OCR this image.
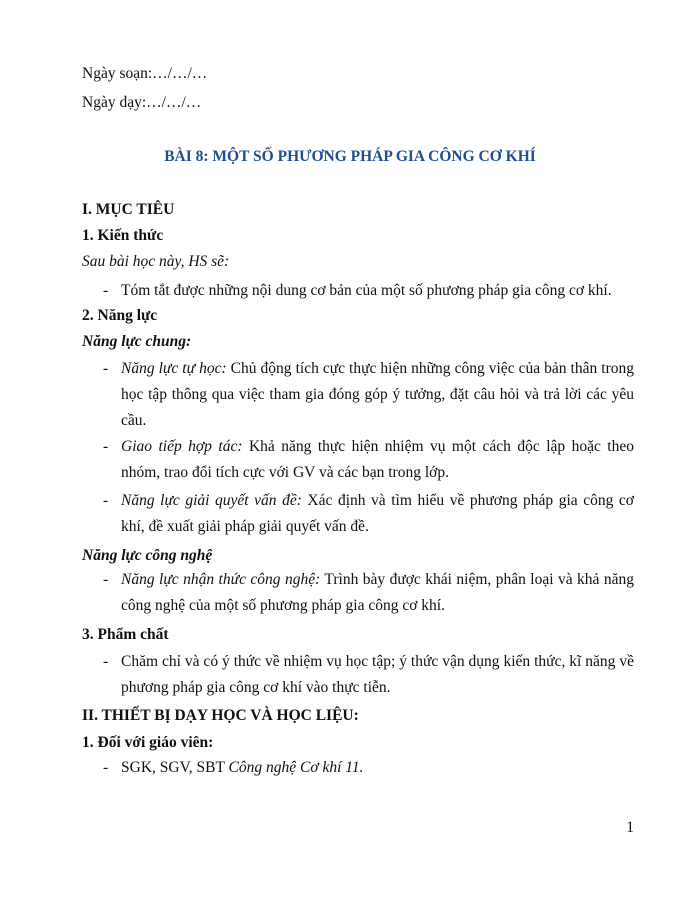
Ngày soạn:…/…/…
Ngày dạy:…/…/…
BÀI 8: MỘT SỐ PHƯƠNG PHÁP GIA CÔNG CƠ KHÍ
I. MỤC TIÊU
1. Kiến thức
Sau bài học này, HS sẽ:
- Tóm tắt được những nội dung cơ bản của một số phương pháp gia công cơ khí.
2. Năng lực
Năng lực chung:
- Năng lực tự học: Chủ động tích cực thực hiện những công việc của bản thân trong học tập thông qua việc tham gia đóng góp ý tưởng, đặt câu hỏi và trả lời các yêu cầu.
- Giao tiếp hợp tác: Khả năng thực hiện nhiệm vụ một cách độc lập hoặc theo nhóm, trao đổi tích cực với GV và các bạn trong lớp.
- Năng lực giải quyết vấn đề: Xác định và tìm hiểu về phương pháp gia công cơ khí, đề xuất giải pháp giải quyết vấn đề.
Năng lực công nghệ
- Năng lực nhận thức công nghệ: Trình bày được khái niệm, phân loại và khả năng công nghệ của một số phương pháp gia công cơ khí.
3. Phẩm chất
- Chăm chỉ và có ý thức về nhiệm vụ học tập; ý thức vận dụng kiến thức, kĩ năng về phương pháp gia công cơ khí vào thực tiễn.
II. THIẾT BỊ DẠY HỌC VÀ HỌC LIỆU:
1. Đối với giáo viên:
- SGK, SGV, SBT Công nghệ Cơ khí 11.
1
